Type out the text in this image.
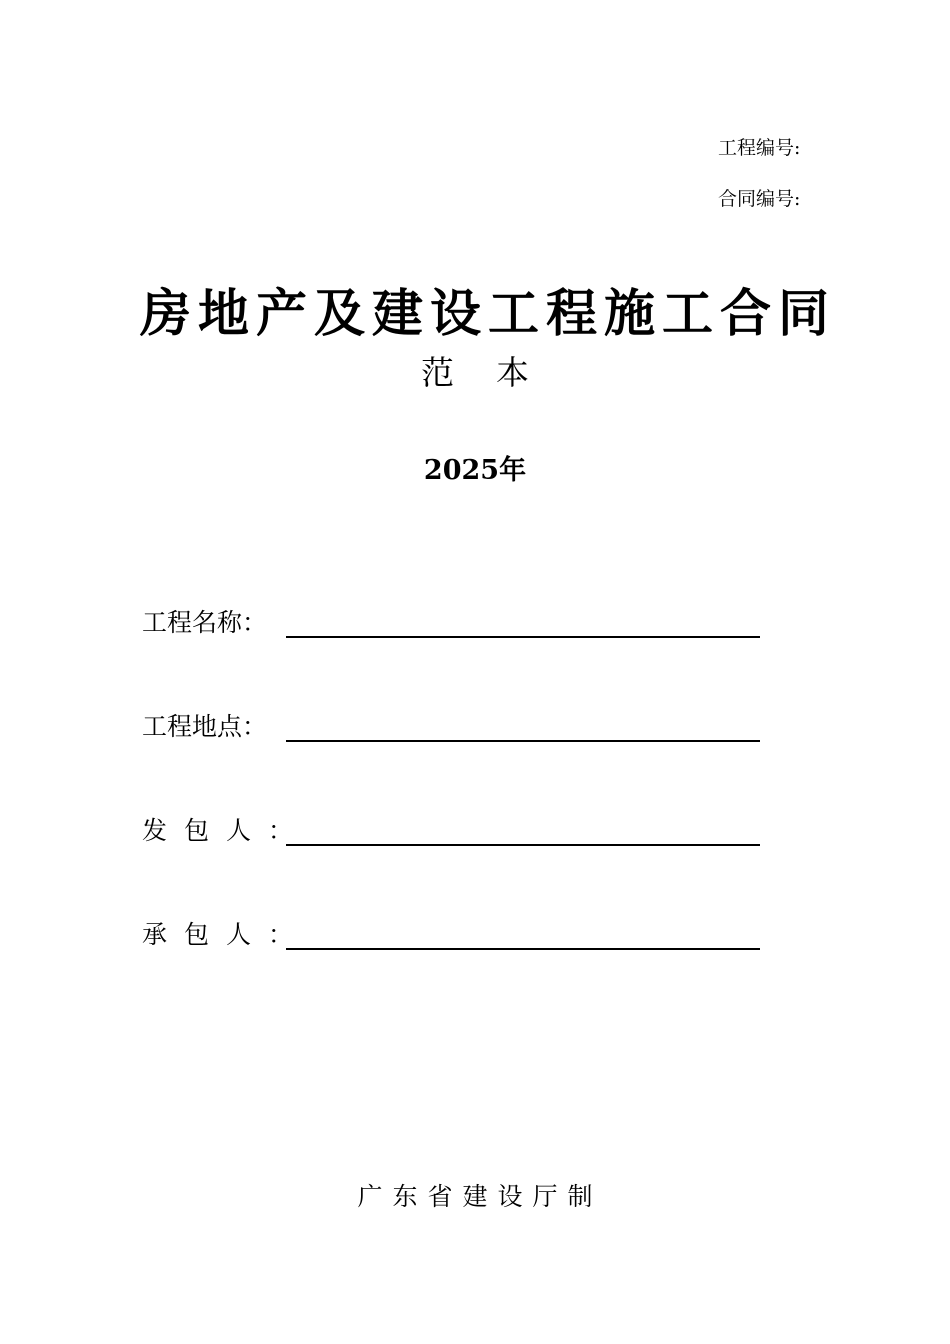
工程编号:
合同编号:
房地产及建设工程施工合同
范本
2025年
工程名称：
工程地点：
发包人：
承包人：
广东省建设厅制
